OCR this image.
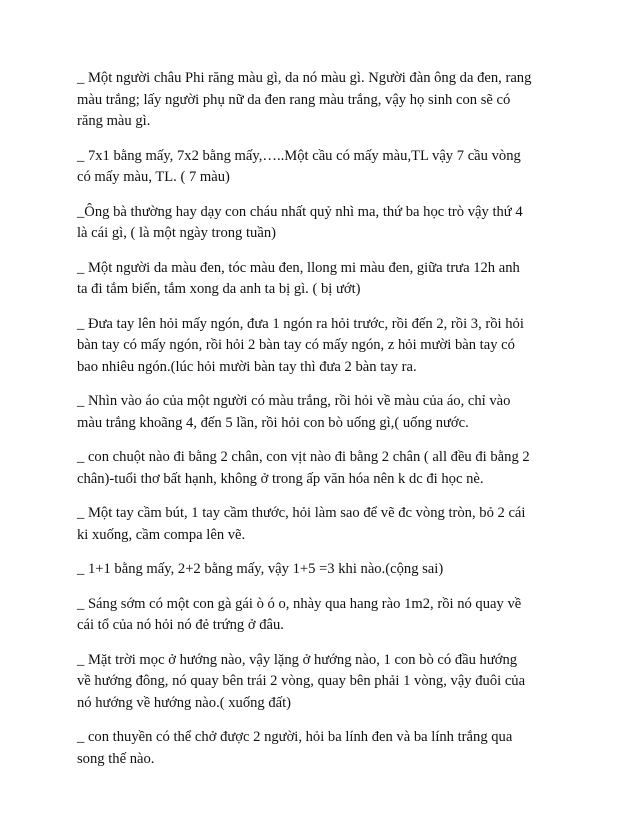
_ Một người châu Phi răng màu gì, da nó màu gì. Người đàn ông da đen, rang
màu trắng; lấy người phụ nữ da đen rang màu trắng, vậy họ sinh con sẽ có
răng màu gì.

_ 7x1 bằng mấy, 7x2 bằng mấy,…..Một cầu có mấy màu,TL vậy 7 cầu vòng
có mấy màu, TL. ( 7 màu)

_Ông bà thường hay dạy con cháu nhất quỷ nhì ma, thứ ba học trò vậy thứ 4
là cái gì, ( là một ngày trong tuần)

_ Một người da màu đen, tóc màu đen, llong mi màu đen, giữa trưa 12h anh
ta đi tắm biển, tắm xong da anh ta bị gì. ( bị ướt)

_ Đưa tay lên hỏi mấy ngón, đưa 1 ngón ra hỏi trước, rồi đến 2, rồi 3, rồi hỏi
bàn tay có mấy ngón, rồi hỏi 2 bàn tay có mấy ngón, z hỏi mười bàn tay có
bao nhiêu ngón.(lúc hỏi mười bàn tay thì đưa 2 bàn tay ra.

_ Nhìn vào áo của một người có màu trắng, rồi hỏi về màu của áo, chỉ vào
màu trắng khoãng 4, đến 5 lần, rồi hỏi con bò uống gì,( uống nước.

_ con chuột nào đi bằng 2 chân, con vịt nào đi bằng 2 chân ( all đều đi bằng 2
chân)-tuổi thơ bất hạnh, không ở trong ấp văn hóa nên k dc đi học nè.

_ Một tay cầm bút, 1 tay cầm thước, hỏi làm sao để vẽ đc vòng tròn, bỏ 2 cái
ki xuống, cầm compa lên vẽ.

_ 1+1 bằng mấy, 2+2 bằng mấy, vậy 1+5 =3 khi nào.(cộng sai)

_ Sáng sớm có một con gà gái ò ó o, nhày qua hang rào 1m2, rồi nó quay về
cái tổ của nó hỏi nó đẻ trứng ở đâu.

_ Mặt trời mọc ở hướng nào, vậy lặng ở hướng nào, 1 con bò có đầu hướng
về hướng đông, nó quay bên trái 2 vòng, quay bên phải 1 vòng, vậy đuôi của
nó hướng về hướng nào.( xuống đất)

_ con thuyền có thể chở được 2 người, hỏi ba lính đen và ba lính trắng qua
song thế nào.
